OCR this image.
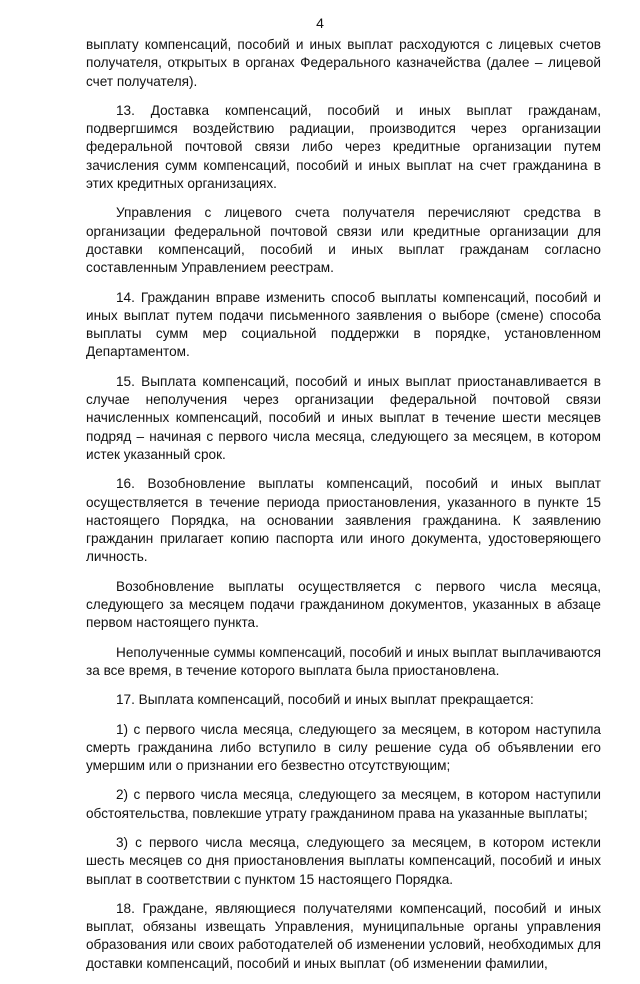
4

выплату компенсаций, пособий и иных выплат расходуются с лицевых счетов получателя, открытых в органах Федерального казначейства (далее – лицевой счет получателя).

13. Доставка компенсаций, пособий и иных выплат гражданам, подвергшимся воздействию радиации, производится через организации федеральной почтовой связи либо через кредитные организации путем зачисления сумм компенсаций, пособий и иных выплат на счет гражданина в этих кредитных организациях.

Управления с лицевого счета получателя перечисляют средства в организации федеральной почтовой связи или кредитные организации для доставки компенсаций, пособий и иных выплат гражданам согласно составленным Управлением реестрам.

14. Гражданин вправе изменить способ выплаты компенсаций, пособий и иных выплат путем подачи письменного заявления о выборе (смене) способа выплаты сумм мер социальной поддержки в порядке, установленном Департаментом.

15. Выплата компенсаций, пособий и иных выплат приостанавливается в случае неполучения через организации федеральной почтовой связи начисленных компенсаций, пособий и иных выплат в течение шести месяцев подряд – начиная с первого числа месяца, следующего за месяцем, в котором истек указанный срок.

16. Возобновление выплаты компенсаций, пособий и иных выплат осуществляется в течение периода приостановления, указанного в пункте 15 настоящего Порядка, на основании заявления гражданина. К заявлению гражданин прилагает копию паспорта или иного документа, удостоверяющего личность.

Возобновление выплаты осуществляется с первого числа месяца, следующего за месяцем подачи гражданином документов, указанных в абзаце первом настоящего пункта.

Неполученные суммы компенсаций, пособий и иных выплат выплачиваются за все время, в течение которого выплата была приостановлена.

17. Выплата компенсаций, пособий и иных выплат прекращается:

1) с первого числа месяца, следующего за месяцем, в котором наступила смерть гражданина либо вступило в силу решение суда об объявлении его умершим или о признании его безвестно отсутствующим;

2) с первого числа месяца, следующего за месяцем, в котором наступили обстоятельства, повлекшие утрату гражданином права на указанные выплаты;

3) с первого числа месяца, следующего за месяцем, в котором истекли шесть месяцев со дня приостановления выплаты компенсаций, пособий и иных выплат в соответствии с пунктом 15 настоящего Порядка.

18. Граждане, являющиеся получателями компенсаций, пособий и иных выплат, обязаны извещать Управления, муниципальные органы управления образования или своих работодателей об изменении условий, необходимых для доставки компенсаций, пособий и иных выплат (об изменении фамилии,
